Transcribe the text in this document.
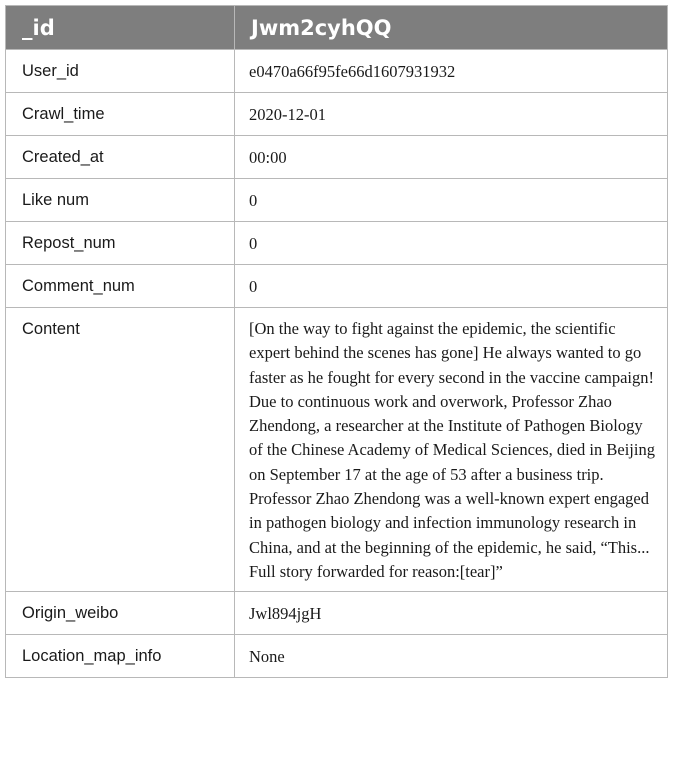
_id	Jwm2cyhQQ
User_id	e0470a66f95fe66d1607931932
Crawl_time	2020-12-01
Created_at	00:00
Like num	0
Repost_num	0
Comment_num	0
Content	[On the way to fight against the epidemic, the scientific expert behind the scenes has gone] He always wanted to go faster as he fought for every second in the vaccine campaign! Due to continuous work and overwork, Professor Zhao Zhendong, a researcher at the Institute of Pathogen Biology of the Chinese Academy of Medical Sciences, died in Beijing on September 17 at the age of 53 after a business trip. Professor Zhao Zhendong was a well-known expert engaged in pathogen biology and infection immunology research in China, and at the beginning of the epidemic, he said, “This... Full story forwarded for reason:[tear]”
Origin_weibo	Jwl894jgH
Location_map_info	None
